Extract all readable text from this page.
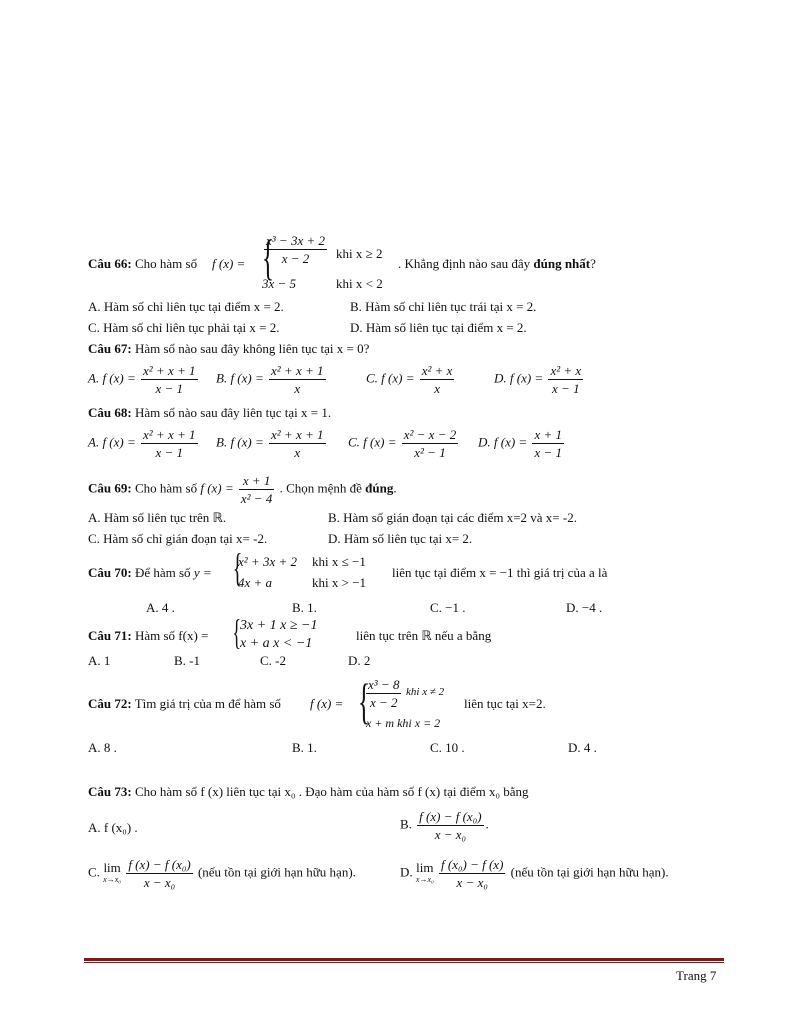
Câu 66: Cho hàm số f (x) = {
$\frac{\text{x³ − 3x + 2}}{x - 2}$ khi x ≥ 2
3x − 5	khi x < 2
. Khẳng định nào sau đây đúng nhất?
A. Hàm số chỉ liên tục tại điểm x = 2.	B. Hàm số chỉ liên tục trái tại x = 2.
C. Hàm số chỉ liên tục phải tại x = 2.	D. Hàm số liên tục tại điểm x = 2.
Câu 67: Hàm số nào sau đây không liên tục tại x = 0?
A. f $(x) = \frac{\text{x² + x + 1}}{x - 1} B$. f $(x) = \frac{\text{x² + x + 1}}{x}$	C. f $(x) = \frac{\text{x² + x}}{x}$	D. f $(x) = \frac{\text{x² + x}}{x - 1}$
Câu 68: Hàm số nào sau đây liên tục tại x = 1.
A. f $(x) = \frac{\text{x² + x + 1}}{x - 1} B$. f $(x) = \frac{\text{x² + x + 1}}{x} C$. f $(x) = \frac{\text{x² − x − 2}}{\text{x² − 1}} D$. f $(x) = \frac{x + 1}{x - 1}$
Câu 69: Cho hàm số f $(x) = \frac{x + 1}{\text{x² − 4}}$ . Chọn mệnh đề đúng.
A. Hàm số liên tục trên ℝ.	B. Hàm số gián đoạn tại các điểm x=2 và x= -2.
C. Hàm số chỉ gián đoạn tại x= -2.	D. Hàm số liên tục tại x= 2.
Câu 70: Để hàm số y = {
x² + 3x + 2 khi x ≤ −1
4x + a	khi x > −1
liên tục tại điểm x = −1 thì giá trị của a là
A. 4 .	B. 1.	C. −1 .	D. −4 .
Câu 71: Hàm số f(x) = { 3x + 1 x ≥ −1
x + a x < −1
liên tục trên ℝ nếu a bằng
A. 1	B. -1	C. -2	D. 2
Câu 72: Tìm giá trị của m để hàm số f (x) = {
$\frac{\text{x³ − 8}}{x - 2}$ khi x ≠ 2
x + m khi x = 2
liên tục tại x=2.
A. 8 .	B. 1.	C. 10 .	D. 4 .
Câu 73: Cho hàm số f (x) liên tục tại x₀ . Đạo hàm của hàm số f (x) tại điểm x₀ bằng
A. f (x₀) .	B. $\frac{\text{f (x) − f (x₀)}}{\text{x − x₀}}$ .
C. lim
x→x₀
$\frac{\text{f (x) − f (x₀)}}{\text{x − x₀}}$ (nếu tồn tại giới hạn hữu hạn).	D. lim
x→x₀
$\frac{\text{f (x₀) − f (x)}}{\text{x − x₀}}$ (nếu tồn tại giới hạn hữu hạn).
Trang 7
